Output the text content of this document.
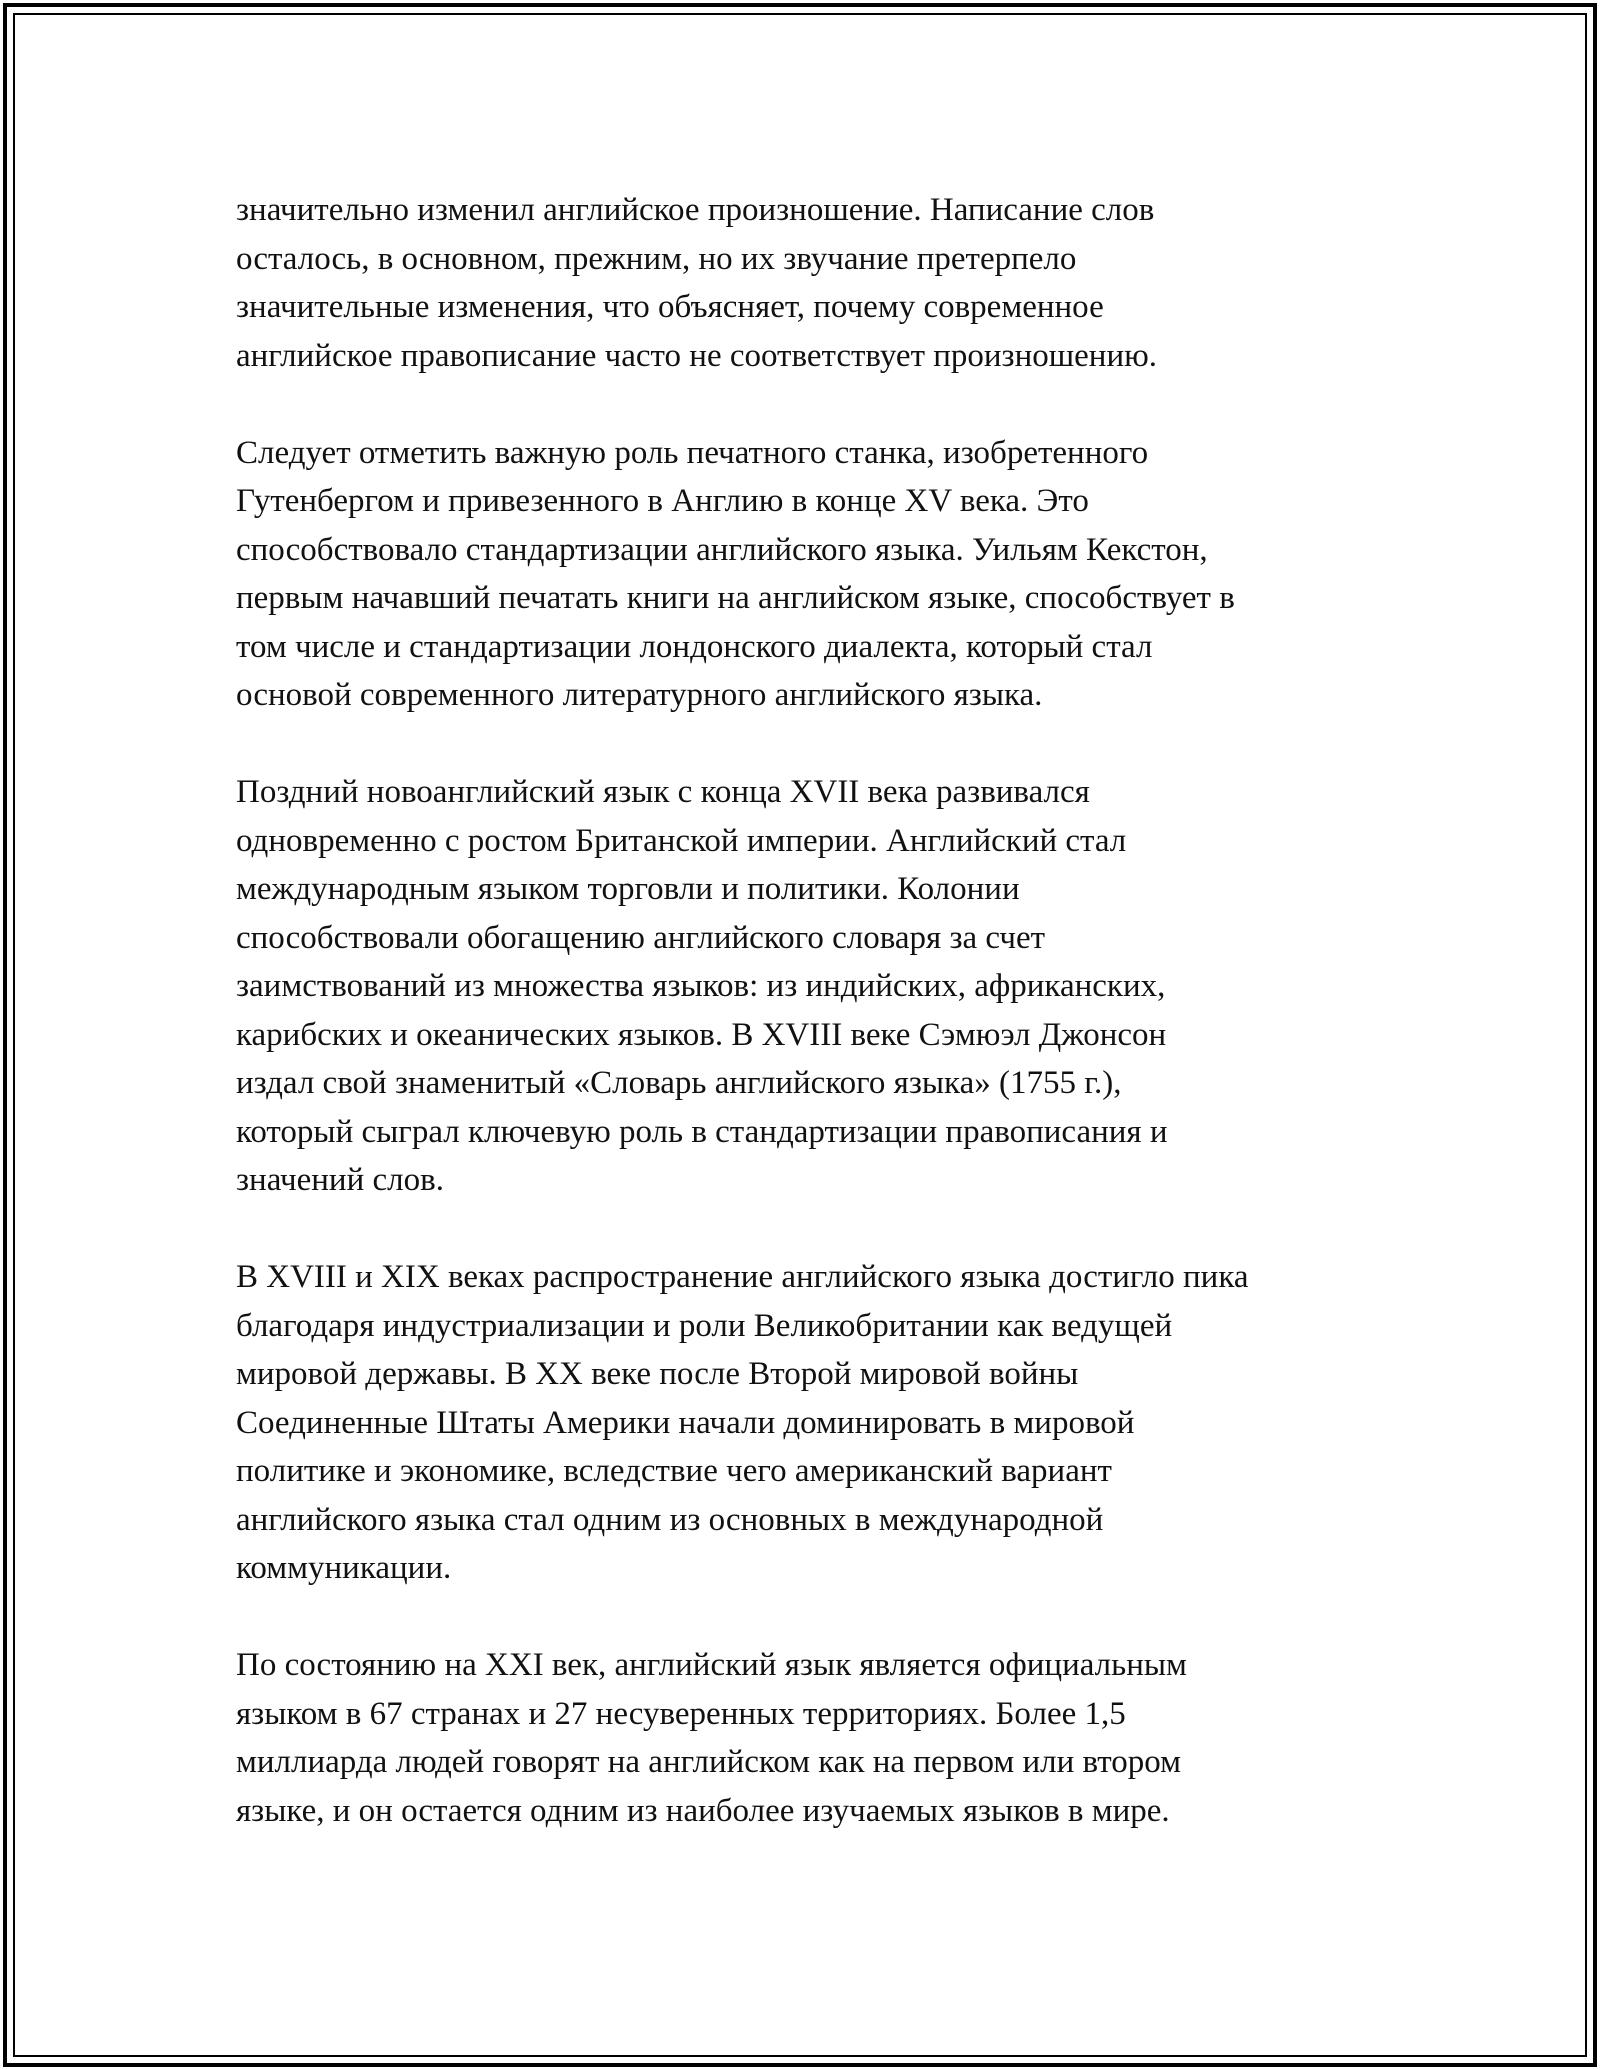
значительно изменил английское произношение. Написание слов
осталось, в основном, прежним, но их звучание претерпело
значительные изменения, что объясняет, почему современное
английское правописание часто не соответствует произношению.

Следует отметить важную роль печатного станка, изобретенного
Гутенбергом и привезенного в Англию в конце XV века. Это
способствовало стандартизации английского языка. Уильям Кекстон,
первым начавший печатать книги на английском языке, способствует в
том числе и стандартизации лондонского диалекта, который стал
основой современного литературного английского языка.

Поздний новоанглийский язык с конца XVII века развивался
одновременно с ростом Британской империи. Английский стал
международным языком торговли и политики. Колонии
способствовали обогащению английского словаря за счет
заимствований из множества языков: из индийских, африканских,
карибских и океанических языков. В XVIII веке Сэмюэл Джонсон
издал свой знаменитый «Словарь английского языка» (1755 г.),
который сыграл ключевую роль в стандартизации правописания и
значений слов.

В XVIII и XIX веках распространение английского языка достигло пика
благодаря индустриализации и роли Великобритании как ведущей
мировой державы. В XX веке после Второй мировой войны
Соединенные Штаты Америки начали доминировать в мировой
политике и экономике, вследствие чего американский вариант
английского языка стал одним из основных в международной
коммуникации.

По состоянию на XXI век, английский язык является официальным
языком в 67 странах и 27 несуверенных территориях. Более 1,5
миллиарда людей говорят на английском как на первом или втором
языке, и он остается одним из наиболее изучаемых языков в мире.
